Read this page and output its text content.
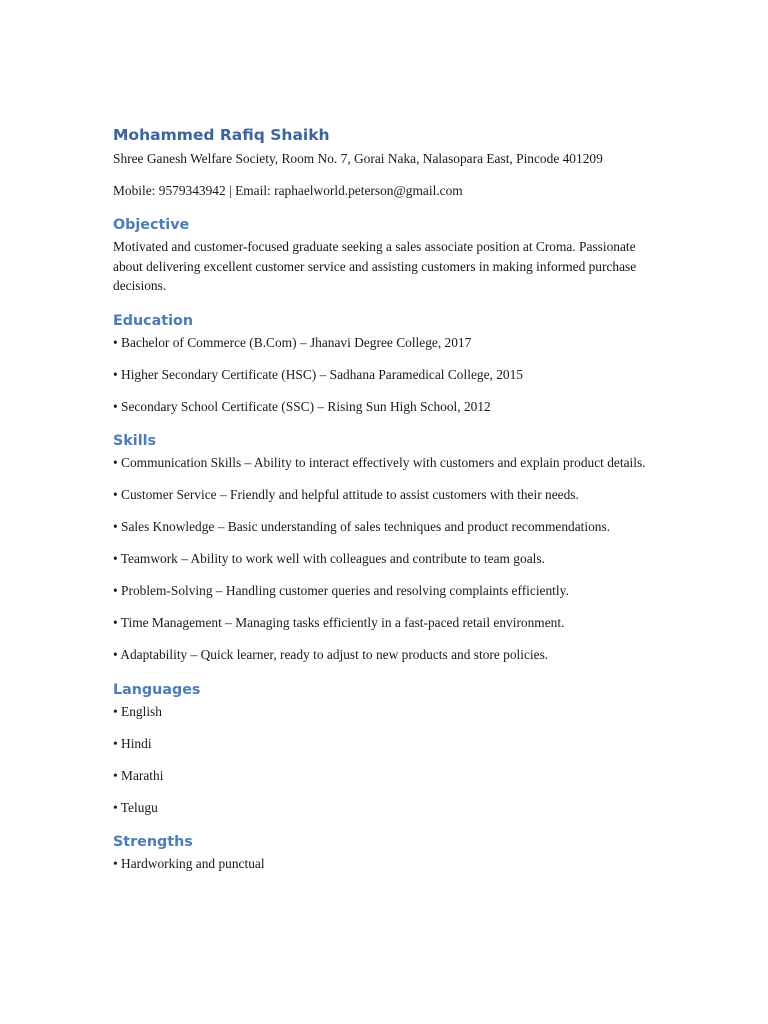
Mohammed Rafiq Shaikh

Shree Ganesh Welfare Society, Room No. 7, Gorai Naka, Nalasopara East, Pincode 401209

Mobile: 9579343942 | Email: raphaelworld.peterson@gmail.com

Objective

Motivated and customer-focused graduate seeking a sales associate position at Croma. Passionate about delivering excellent customer service and assisting customers in making informed purchase decisions.

Education

• Bachelor of Commerce (B.Com) – Jhanavi Degree College, 2017

• Higher Secondary Certificate (HSC) – Sadhana Paramedical College, 2015

• Secondary School Certificate (SSC) – Rising Sun High School, 2012

Skills

• Communication Skills – Ability to interact effectively with customers and explain product details.

• Customer Service – Friendly and helpful attitude to assist customers with their needs.

• Sales Knowledge – Basic understanding of sales techniques and product recommendations.

• Teamwork – Ability to work well with colleagues and contribute to team goals.

• Problem-Solving – Handling customer queries and resolving complaints efficiently.

• Time Management – Managing tasks efficiently in a fast-paced retail environment.

• Adaptability – Quick learner, ready to adjust to new products and store policies.

Languages

• English

• Hindi

• Marathi

• Telugu

Strengths

• Hardworking and punctual
